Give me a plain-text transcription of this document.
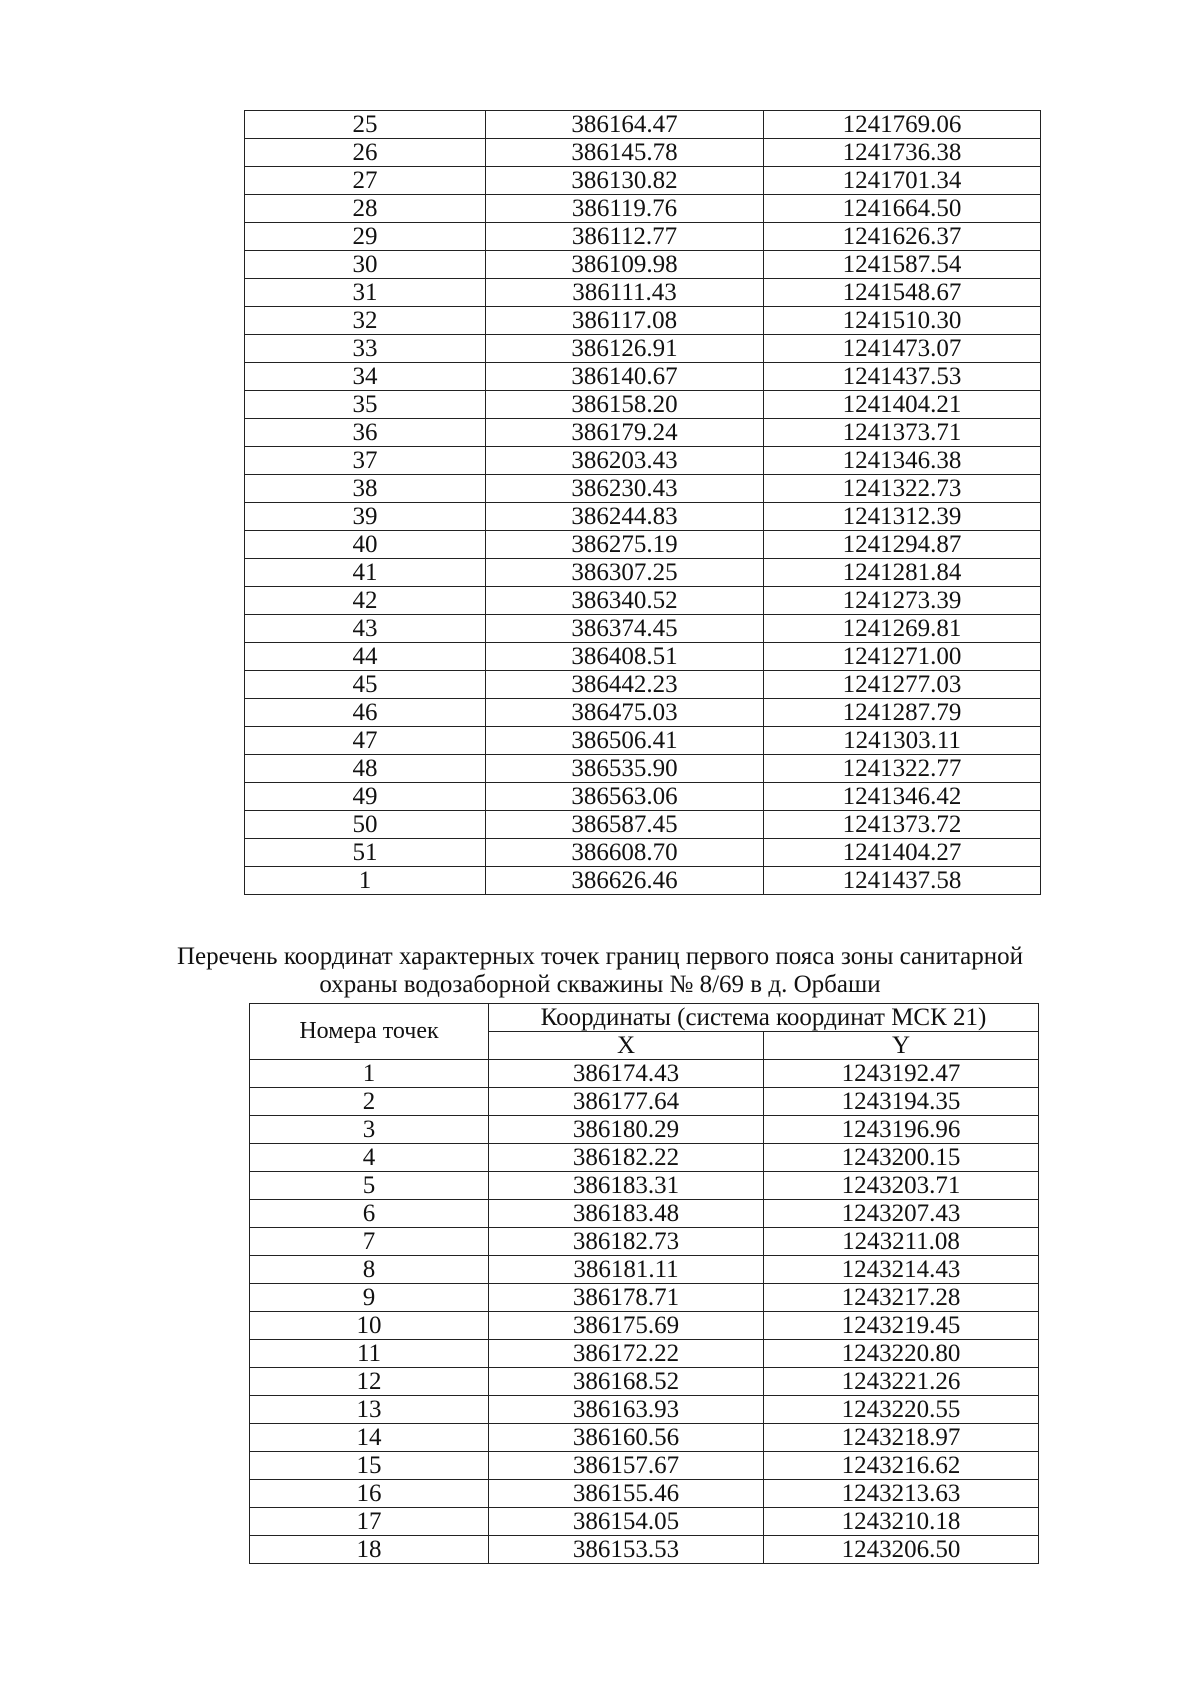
25	386164.47	1241769.06
26	386145.78	1241736.38
27	386130.82	1241701.34
28	386119.76	1241664.50
29	386112.77	1241626.37
30	386109.98	1241587.54
31	386111.43	1241548.67
32	386117.08	1241510.30
33	386126.91	1241473.07
34	386140.67	1241437.53
35	386158.20	1241404.21
36	386179.24	1241373.71
37	386203.43	1241346.38
38	386230.43	1241322.73
39	386244.83	1241312.39
40	386275.19	1241294.87
41	386307.25	1241281.84
42	386340.52	1241273.39
43	386374.45	1241269.81
44	386408.51	1241271.00
45	386442.23	1241277.03
46	386475.03	1241287.79
47	386506.41	1241303.11
48	386535.90	1241322.77
49	386563.06	1241346.42
50	386587.45	1241373.72
51	386608.70	1241404.27
1	386626.46	1241437.58
Перечень координат характерных точек границ первого пояса зоны санитарной
охраны водозаборной скважины № 8/69 в д. Орбаши
Номера точек	Координаты (система координат МСК 21)	
	X	Y
1	386174.43	1243192.47
2	386177.64	1243194.35
3	386180.29	1243196.96
4	386182.22	1243200.15
5	386183.31	1243203.71
6	386183.48	1243207.43
7	386182.73	1243211.08
8	386181.11	1243214.43
9	386178.71	1243217.28
10	386175.69	1243219.45
11	386172.22	1243220.80
12	386168.52	1243221.26
13	386163.93	1243220.55
14	386160.56	1243218.97
15	386157.67	1243216.62
16	386155.46	1243213.63
17	386154.05	1243210.18
18	386153.53	1243206.50
